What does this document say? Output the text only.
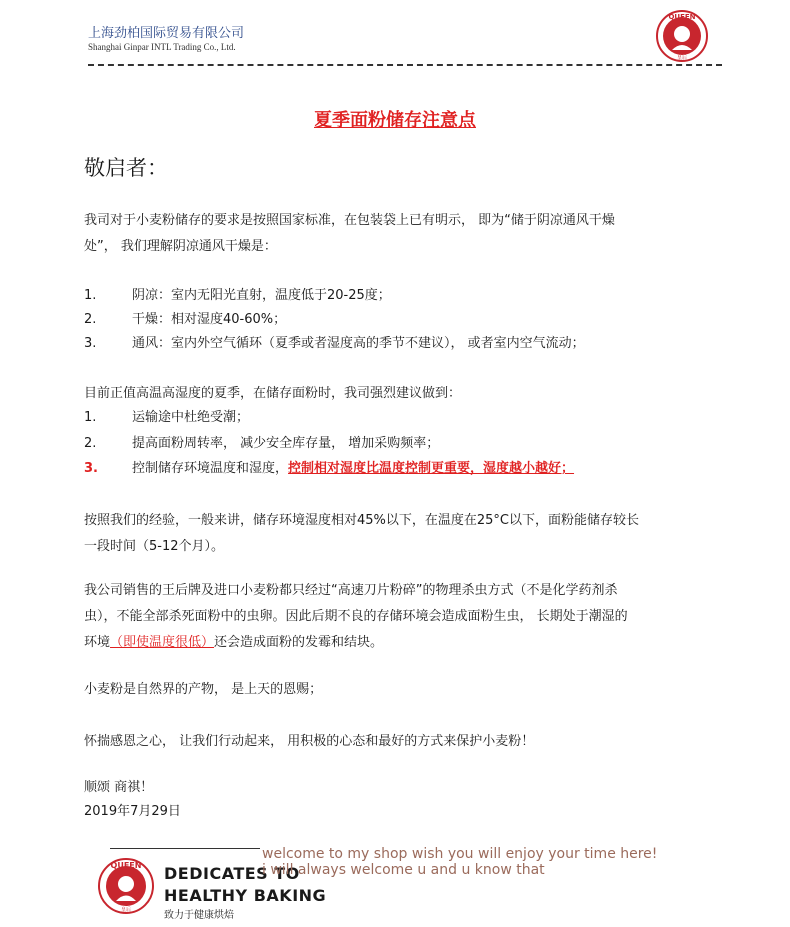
上海劲柏国际贸易有限公司
Shanghai Ginpar INTL Trading Co., Ltd.
QUEEN
皇后
夏季面粉储存注意点
敬启者：
我司对于小麦粉储存的要求是按照国家标准，在包装袋上已有明示， 即为“储于阴凉通风干燥
处”， 我们理解阴凉通风干燥是：
1.	阴凉：室内无阳光直射，温度低于20-25度；
2.	干燥：相对湿度40-60%；
3.	通风：室内外空气循环（夏季或者湿度高的季节不建议）， 或者室内空气流动；
目前正值高温高湿度的夏季，在储存面粉时，我司强烈建议做到：
1.	运输途中杜绝受潮；
2.	提高面粉周转率， 减少安全库存量， 增加采购频率；
3.	控制储存环境温度和湿度，控制相对湿度比温度控制更重要，湿度越小越好；
按照我们的经验，一般来讲，储存环境湿度相对45%以下，在温度在25°C以下，面粉能储存较长
一段时间（5-12个月）。
我公司销售的王后牌及进口小麦粉都只经过“高速刀片粉碎”的物理杀虫方式（不是化学药剂杀
虫），不能全部杀死面粉中的虫卵。因此后期不良的存储环境会造成面粉生虫， 长期处于潮湿的
环境（即使温度很低）还会造成面粉的发霉和结块。
小麦粉是自然界的产物， 是上天的恩赐；
怀揣感恩之心， 让我们行动起来， 用积极的心态和最好的方式来保护小麦粉！
顺颂 商祺！
2019年7月29日
QUEEN
皇后
DEDICATES TO
HEALTHY BAKING
致力于健康烘焙
welcome to my shop wish you will enjoy your time here!
i will always welcome u and u know that
